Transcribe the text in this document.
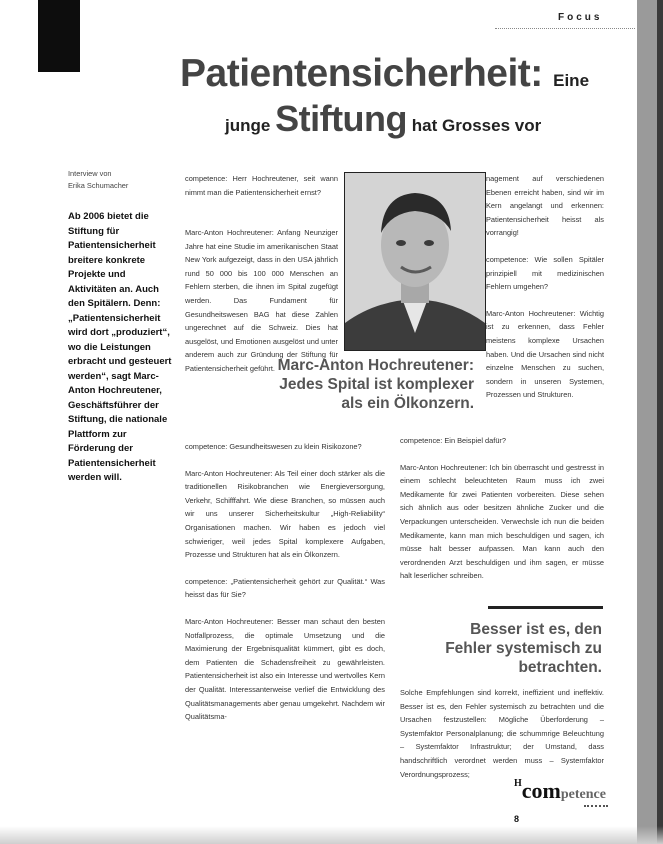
Focus
Patientensicherheit: Eine
junge Stiftung hat Grosses vor
Interview von
Erika Schumacher
Ab 2006 bietet die Stiftung für Patientensicherheit breitere konkrete Projekte und Aktivitäten an. Auch den Spitälern. Denn: „Patientensicherheit wird dort „produziert“, wo die Leistungen erbracht und gesteuert werden“, sagt Marc-Anton Hochreutener, Geschäftsführer der Stiftung, die nationale Plattform zur Förderung der Patientensicherheit werden will.

competence: Herr Hochreutener, seit wann nimmt man die Patientensicherheit ernst?

Marc-Anton Hochreutener: Anfang Neunziger Jahre hat eine Studie im amerikanischen Staat New York aufgezeigt, dass in den USA jährlich rund 50 000 bis 100 000 Menschen an Fehlern sterben, die ihnen im Spital zugefügt werden. Das Fundament für Gesundheitswesen BAG hat diese Zahlen ungerechnet auf die Schweiz. Dies hat ausgelöst, und Emotionen ausgelöst und unter anderem auch zur Gründung der Stiftung für Patientensicherheit geführt.

competence: Gesundheitswesen zu klein Risikozone?

Marc-Anton Hochreutener: Als Teil einer doch stärker als die traditionellen Risikobranchen wie Energieversorgung, Verkehr, Schifffahrt. Wie diese Branchen, so müssen auch wir uns unserer Sicherheitskultur „High-Reliability“ Organisationen machen. Wir haben es jedoch viel schwieriger, weil jedes Spital komplexere Aufgaben, Prozesse und Strukturen hat als ein Ölkonzern.

competence: „Patientensicherheit gehört zur Qualität.“ Was heisst das für Sie?

Marc-Anton Hochreutener: Besser man schaut den besten Notfallprozess, die optimale Umsetzung und die Maximierung der Ergebnisqualität kümmert, gibt es doch, dem Patienten die Schadensfreiheit zu gewährleisten. Patientensicherheit ist also ein Interesse und wertvolles Kern der Qualität. Interessanterweise verlief die Entwicklung des Qualitätsmanagements aber genau umgekehrt. Nachdem wir Qualitätsma-

Marc-Anton Hochreutener: Jedes Spital ist komplexer als ein Ölkonzern.

nagement auf verschiedenen Ebenen erreicht haben, sind wir im Kern angelangt und erkennen: Patientensicherheit heisst als vorrangig!

competence: Wie sollen Spitäler prinzipiell mit medizinischen Fehlern umgehen?

Marc-Anton Hochreutener: Wichtig ist zu erkennen, dass Fehler meistens komplexe Ursachen haben. Und die Ursachen sind nicht einzelne Menschen zu suchen, sondern in unseren Systemen, Prozessen und Strukturen.

competence: Ein Beispiel dafür?

Marc-Anton Hochreutener: Ich bin überrascht und gestresst in einem schlecht beleuchteten Raum muss ich zwei Medikamente für zwei Patienten vorbereiten. Diese sehen sich ähnlich aus oder besitzen ähnliche Zucker und die Verpackungen unterscheiden. Verwechsle ich nun die beiden Medikamente, kann man mich beschuldigen und sagen, ich müsse halt besser aufpassen. Man kann auch den verordnenden Arzt beschuldigen und ihm sagen, er müsse halt leserlicher schreiben.

Besser ist es, den Fehler systemisch zu betrachten.

Solche Empfehlungen sind korrekt, ineffizient und ineffektiv. Besser ist es, den Fehler systemisch zu betrachten und die Ursachen festzustellen: Mögliche Überforderung – Systemfaktor Personalplanung; die schummrige Beleuchtung – Systemfaktor Infrastruktur; der Umstand, dass handschriftlich verordnet werden muss – Systemfaktor Verordnungsprozess;

$^H$competence
8
